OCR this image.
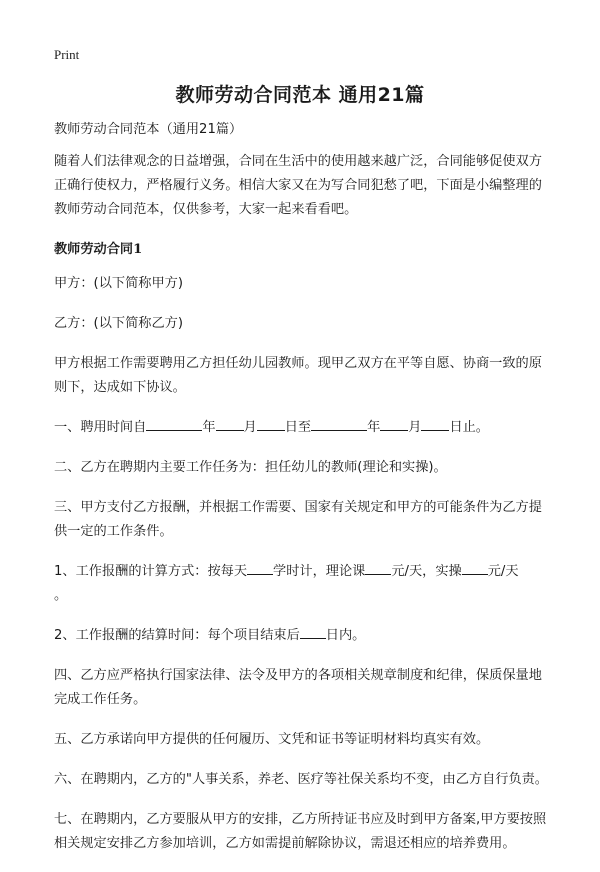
Print
教师劳动合同范本 通用21篇

教师劳动合同范本（通用21篇）

随着人们法律观念的日益增强，合同在生活中的使用越来越广泛，合同能够促使双方正确行使权力，严格履行义务。相信大家又在为写合同犯愁了吧，下面是小编整理的教师劳动合同范本，仅供参考，大家一起来看看吧。

教师劳动合同1

甲方：(以下简称甲方)

乙方：(以下简称乙方)

甲方根据工作需要聘用乙方担任幼儿园教师。现甲乙双方在平等自愿、协商一致的原则下，达成如下协议。

一、聘用时间自	年 月 日至	年 月 日止。

二、乙方在聘期内主要工作任务为：担任幼儿的教师(理论和实操)。

三、甲方支付乙方报酬，并根据工作需要、国家有关规定和甲方的可能条件为乙方提供一定的工作条件。

1、工作报酬的计算方式：按每天 学时计，理论课 元/天，实操 元/天
。

2、工作报酬的结算时间：每个项目结束后 日内。

四、乙方应严格执行国家法律、法令及甲方的各项相关规章制度和纪律，保质保量地完成工作任务。

五、乙方承诺向甲方提供的任何履历、文凭和证书等证明材料均真实有效。

六、在聘期内，乙方的"人事关系，养老、医疗等社保关系均不变，由乙方自行负责。

七、在聘期内，乙方要服从甲方的安排，乙方所持证书应及时到甲方备案,甲方要按照相关规定安排乙方参加培训，乙方如需提前解除协议，需退还相应的培养费用。
